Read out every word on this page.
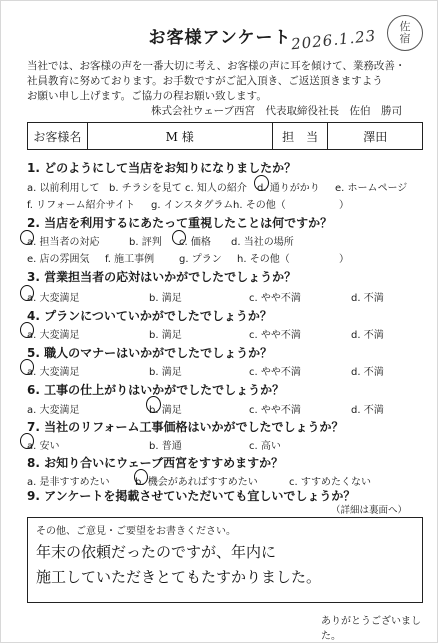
お客様アンケート
2026.1.23
佐
宿
当社では、お客様の声を一番大切に考え、お客様の声に耳を傾けて、業務改善・
社員教育に努めております。お手数ですがご記入頂き、ご返送頂きますよう
お願い申し上げます。ご協力の程お願い致します。
株式会社ウェーブ西宮　代表取締役社長　佐伯　勝司
お客様名	M 様	担　当	澤田
1. どのようにして当店をお知りになりましたか？
a. 以前利用して b. チラシを見て c. 知人の紹介 d. 通りがかり e. ホームページ
f. リフォーム紹介サイト g. インスタグラム h. その他（ 　　　　）
2. 当店を利用するにあたって重視したことは何ですか？
a. 担当者の対応	b. 評判 c. 価格 d. 当社の場所
e. 店の雰囲気 f. 施工事例 g. プラン h. その他（ 　　　　）
3. 営業担当者の応対はいかがでしたでしょうか？
a. 大変満足	b. 満足	c. やや不満	d. 不満
4. プランについていかがでしたでしょうか？
a. 大変満足	b. 満足	c. やや不満	d. 不満
5. 職人のマナーはいかがでしたでしょうか？
a. 大変満足	b. 満足	c. やや不満	d. 不満
6. 工事の仕上がりはいかがでしたでしょうか？
a. 大変満足	b. 満足	c. やや不満	d. 不満
7. 当社のリフォーム工事価格はいかがでしたでしょうか？
a. 安い	b. 普通	c. 高い
8. お知り合いにウェーブ西宮をすすめますか？
a. 是非すすめたい	b. 機会があればすすめたい	c. すすめたくない
9. アンケートを掲載させていただいても宜しいでしょうか？
（詳細は裏面へ）
その他、ご意見・ご要望をお書きください。
年末の依頼だったのですが、年内に
施工していただきとてもたすかりました。
ありがとうございました。
